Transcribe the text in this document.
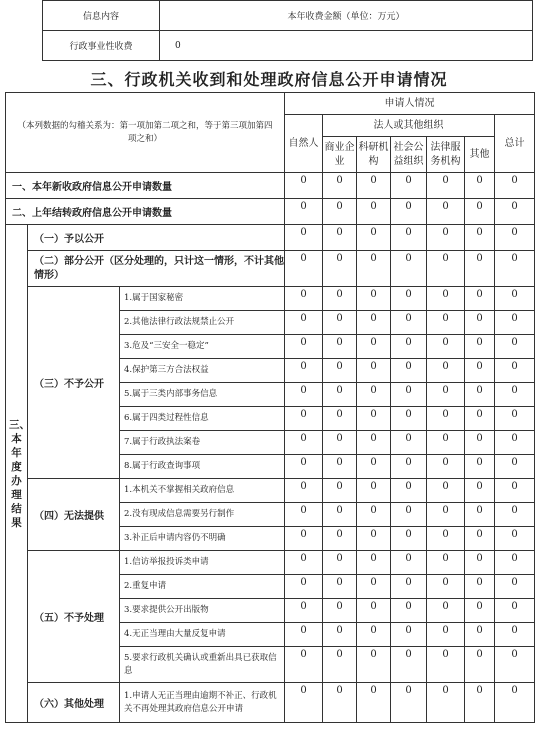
信息内容	本年收费金额（单位：万元）
行政事业性收费	0
三、行政机关收到和处理政府信息公开申请情况
（本列数据的勾稽关系为：第一项加第二项之和，等于第三项加第四项之和）			申请人情况						
			自然人	法人或其他组织					总计
				商业企业	科研机构	社会公益组织	法律服务机构	其他	
一、本年新收政府信息公开申请数量			0	0	0	0	0	0	0
二、上年结转政府信息公开申请数量			0	0	0	0	0	0	0
三、本年度办理结果	（一）予以公开		0	0	0	0	0	0	0
	（二）部分公开（区分处理的，只计这一情形，不计其他情形）		0	0	0	0	0	0	0
	（三）不予公开	1.属于国家秘密	0	0	0	0	0	0	0
		2.其他法律行政法规禁止公开	0	0	0	0	0	0	0
		3.危及“三安全一稳定”	0	0	0	0	0	0	0
		4.保护第三方合法权益	0	0	0	0	0	0	0
		5.属于三类内部事务信息	0	0	0	0	0	0	0
		6.属于四类过程性信息	0	0	0	0	0	0	0
		7.属于行政执法案卷	0	0	0	0	0	0	0
		8.属于行政查询事项	0	0	0	0	0	0	0
	（四）无法提供	1.本机关不掌握相关政府信息	0	0	0	0	0	0	0
		2.没有现成信息需要另行制作	0	0	0	0	0	0	0
		3.补正后申请内容仍不明确	0	0	0	0	0	0	0
	（五）不予处理	1.信访举报投诉类申请	0	0	0	0	0	0	0
		2.重复申请	0	0	0	0	0	0	0
		3.要求提供公开出版物	0	0	0	0	0	0	0
		4.无正当理由大量反复申请	0	0	0	0	0	0	0
		5.要求行政机关确认或重新出具已获取信息	0	0	0	0	0	0	0
	（六）其他处理	1.申请人无正当理由逾期不补正、行政机关不再处理其政府信息公开申请	0	0	0	0	0	0	0
